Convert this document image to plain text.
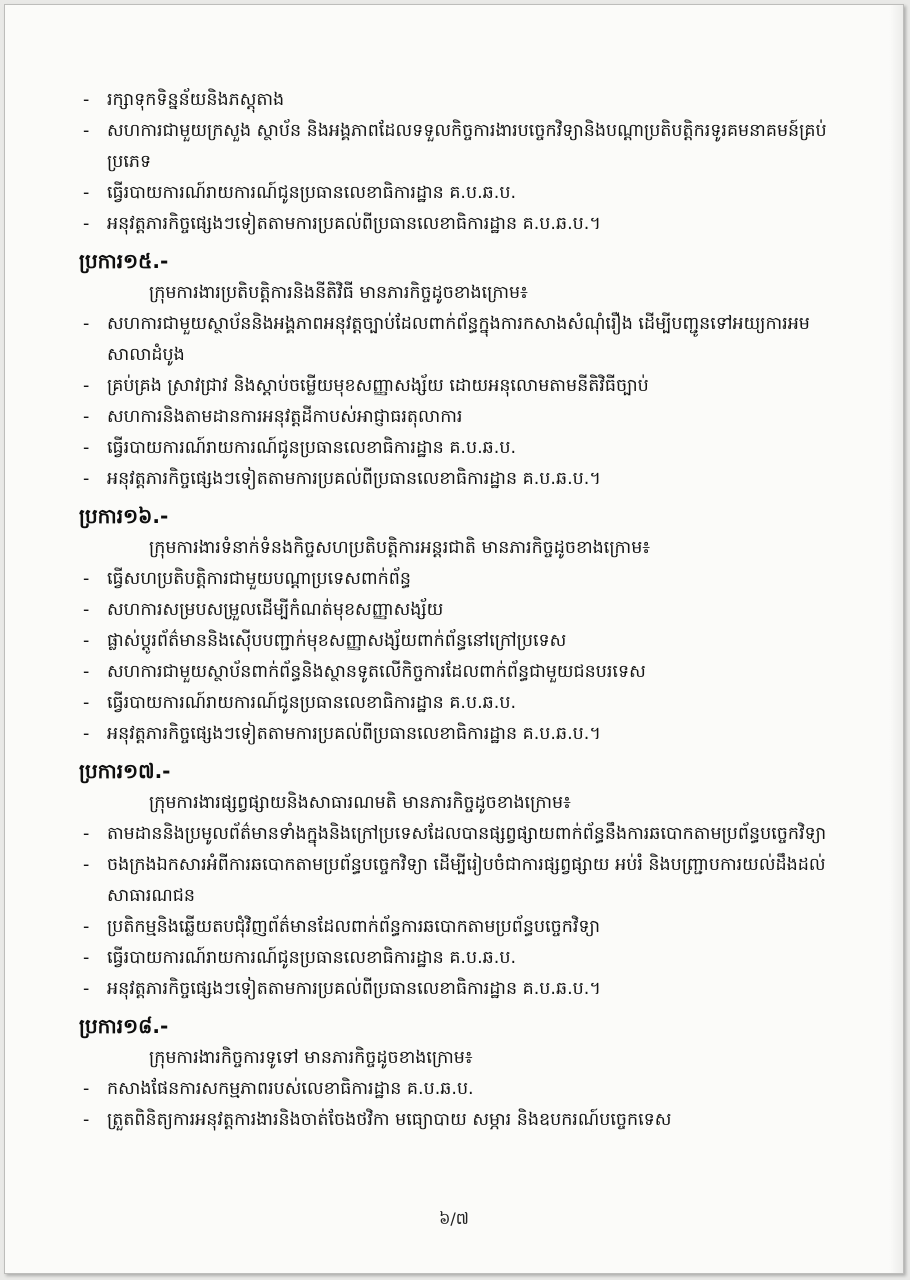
- រក្សាទុកទិន្នន័យនិងភស្តុតាង
- សហការជាមួយក្រសួង ស្ថាប័ន និងអង្គភាពដែលទទួលកិច្ចការងារបច្ចេកវិទ្យានិងបណ្តាប្រតិបត្តិករទូរគមនាគមន៍គ្រប់ប្រភេទ
- ធ្វើរបាយការណ៍រាយការណ៍ជូនប្រធានលេខាធិការដ្ឋាន គ.ប.ឆ.ប.
- អនុវត្តភារកិច្ចផ្សេងៗទៀតតាមការប្រគល់ពីប្រធានលេខាធិការដ្ឋាន គ.ប.ឆ.ប.។
ប្រការ១៥.-
ក្រុមការងារប្រតិបត្តិការនិងនីតិវិធី មានភារកិច្ចដូចខាងក្រោម៖
- សហការជាមួយស្ថាប័ននិងអង្គភាពអនុវត្តច្បាប់ដែលពាក់ព័ន្ធក្នុងការកសាងសំណុំរឿង ដើម្បីបញ្ជូនទៅអយ្យការអមសាលាដំបូង
- គ្រប់គ្រង ស្រាវជ្រាវ និងស្តាប់ចម្លើយមុខសញ្ញាសង្ស័យ ដោយអនុលោមតាមនីតិវិធីច្បាប់
- សហការនិងតាមដានការអនុវត្តដីកាបស់អាជ្ញាធរតុលាការ
- ធ្វើរបាយការណ៍រាយការណ៍ជូនប្រធានលេខាធិការដ្ឋាន គ.ប.ឆ.ប.
- អនុវត្តភារកិច្ចផ្សេងៗទៀតតាមការប្រគល់ពីប្រធានលេខាធិការដ្ឋាន គ.ប.ឆ.ប.។
ប្រការ១៦.-
ក្រុមការងារទំនាក់ទំនងកិច្ចសហប្រតិបត្តិការអន្តរជាតិ មានភារកិច្ចដូចខាងក្រោម៖
- ធ្វើសហប្រតិបត្តិការជាមួយបណ្តាប្រទេសពាក់ព័ន្ធ
- សហការសម្របសម្រួលដើម្បីកំណត់មុខសញ្ញាសង្ស័យ
- ផ្លាស់ប្តូរព័ត៌មាននិងស៊ើបបញ្ជាក់មុខសញ្ញាសង្ស័យពាក់ព័ន្ធនៅក្រៅប្រទេស
- សហការជាមួយស្ថាប័នពាក់ព័ន្ធនិងស្ថានទូតលើកិច្ចការដែលពាក់ព័ន្ធជាមួយជនបរទេស
- ធ្វើរបាយការណ៍រាយការណ៍ជូនប្រធានលេខាធិការដ្ឋាន គ.ប.ឆ.ប.
- អនុវត្តភារកិច្ចផ្សេងៗទៀតតាមការប្រគល់ពីប្រធានលេខាធិការដ្ឋាន គ.ប.ឆ.ប.។
ប្រការ១៧.-
ក្រុមការងារផ្សព្វផ្សាយនិងសាធារណមតិ មានភារកិច្ចដូចខាងក្រោម៖
- តាមដាននិងប្រមូលព័ត៌មានទាំងក្នុងនិងក្រៅប្រទេសដែលបានផ្សព្វផ្សាយពាក់ព័ន្ធនឹងការឆបោកតាមប្រព័ន្ធបច្ចេកវិទ្យា
- ចងក្រងឯកសារអំពីការឆបោកតាមប្រព័ន្ធបច្ចេកវិទ្យា ដើម្បីរៀបចំជាការផ្សព្វផ្សាយ អប់រំ និងបញ្ជ្រាបការយល់ដឹងដល់សាធារណជន
- ប្រតិកម្មនិងឆ្លើយតបជុំវិញព័ត៌មានដែលពាក់ព័ន្ធការឆបោកតាមប្រព័ន្ធបច្ចេកវិទ្យា
- ធ្វើរបាយការណ៍រាយការណ៍ជូនប្រធានលេខាធិការដ្ឋាន គ.ប.ឆ.ប.
- អនុវត្តភារកិច្ចផ្សេងៗទៀតតាមការប្រគល់ពីប្រធានលេខាធិការដ្ឋាន គ.ប.ឆ.ប.។
ប្រការ១៨.-
ក្រុមការងារកិច្ចការទូទៅ មានភារកិច្ចដូចខាងក្រោម៖
- កសាងផែនការសកម្មភាពរបស់លេខាធិការដ្ឋាន គ.ប.ឆ.ប.
- ត្រួតពិនិត្យការអនុវត្តការងារនិងចាត់ចែងថវិកា មធ្យោបាយ សម្ភារ និងឧបករណ៍បច្ចេកទេស
៦/៧
